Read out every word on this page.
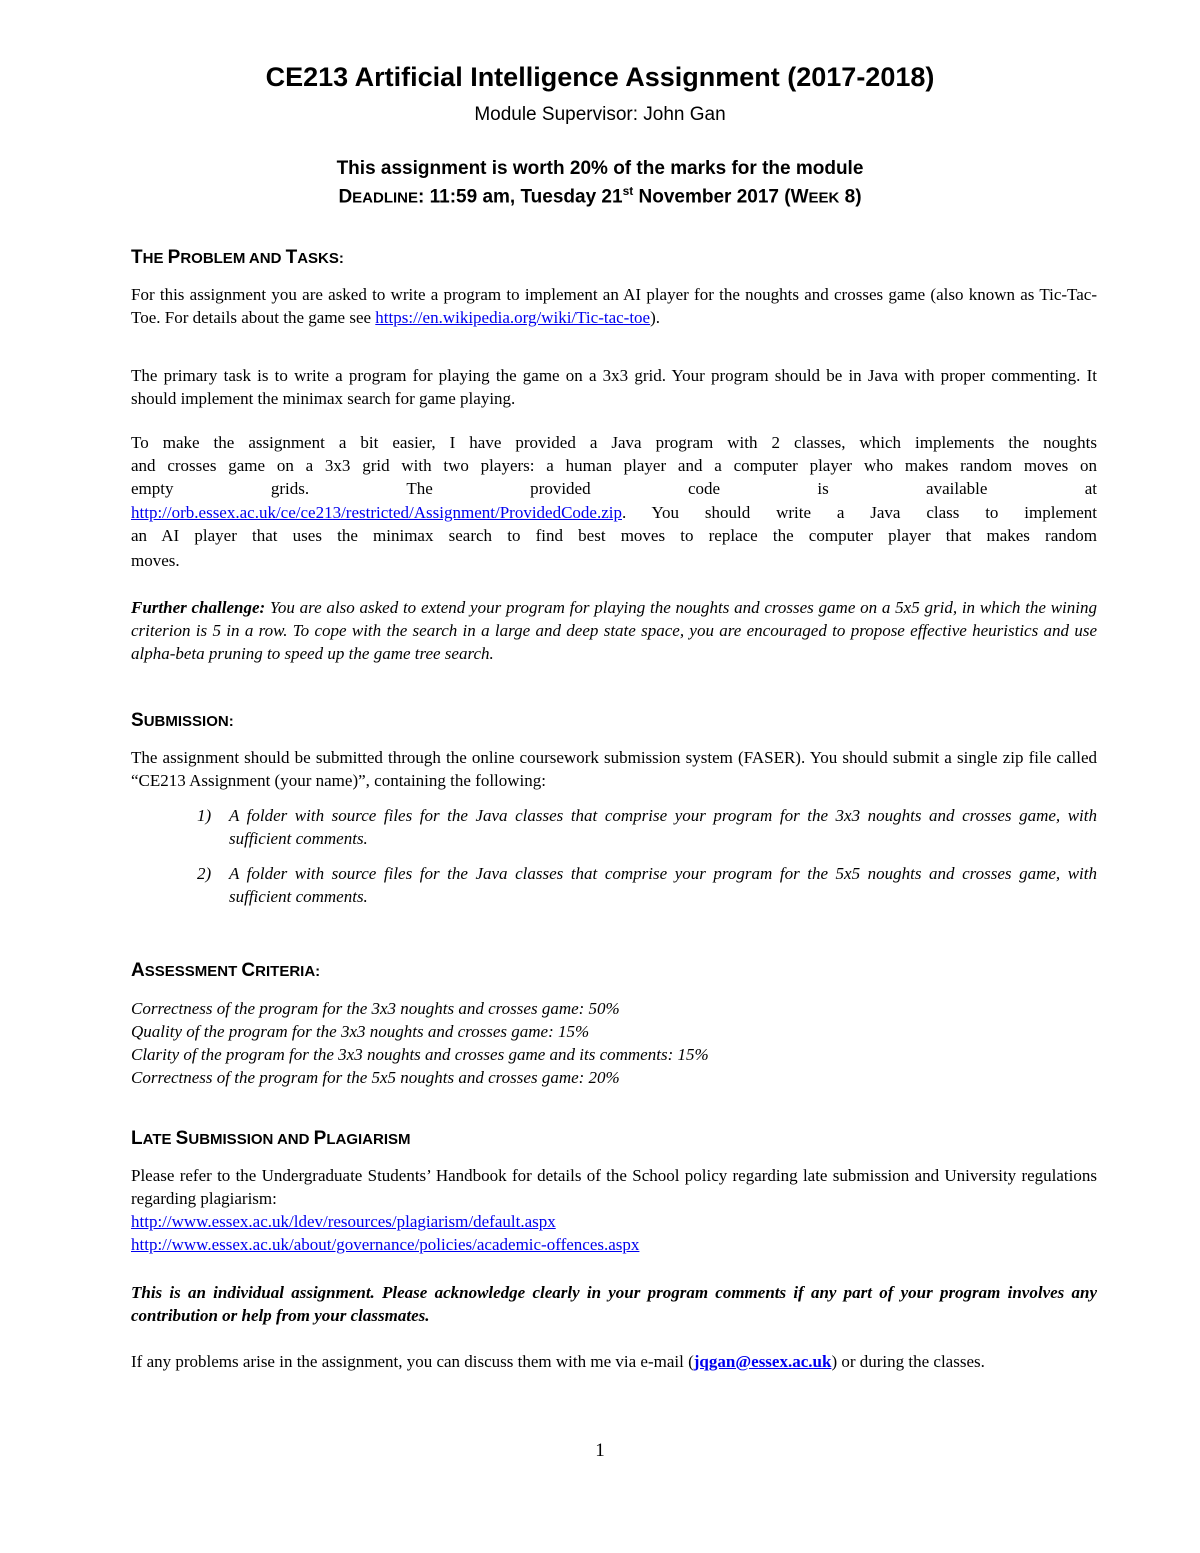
CE213 Artificial Intelligence Assignment (2017-2018)
Module Supervisor: John Gan
This assignment is worth 20% of the marks for the module
DEADLINE: 11:59 am, Tuesday 21st November 2017 (WEEK 8)
THE PROBLEM AND TASKS:
For this assignment you are asked to write a program to implement an AI player for the noughts and crosses game (also known as Tic-Tac-Toe. For details about the game see https://en.wikipedia.org/wiki/Tic-tac-toe).
The primary task is to write a program for playing the game on a 3x3 grid. Your program should be in Java with proper commenting. It should implement the minimax search for game playing.
To make the assignment a bit easier, I have provided a Java program with 2 classes, which implements the noughts
and crosses game on a 3x3 grid with two players: a human player and a computer player who makes random moves on
empty	grids.	The	provided	code	is	available	at
http://orb.essex.ac.uk/ce/ce213/restricted/Assignment/ProvidedCode.zip. You should write a Java class to implement
an AI player that uses the minimax search to find best moves to replace the computer player that makes random
moves.
Further challenge: You are also asked to extend your program for playing the noughts and crosses game on a 5x5 grid, in which the wining criterion is 5 in a row. To cope with the search in a large and deep state space, you are encouraged to propose effective heuristics and use alpha-beta pruning to speed up the game tree search.
SUBMISSION:
The assignment should be submitted through the online coursework submission system (FASER). You should submit a single zip file called “CE213 Assignment (your name)”, containing the following:
1) A folder with source files for the Java classes that comprise your program for the 3x3 noughts and crosses game, with sufficient comments.
2) A folder with source files for the Java classes that comprise your program for the 5x5 noughts and crosses game, with sufficient comments.
ASSESSMENT CRITERIA:
Correctness of the program for the 3x3 noughts and crosses game: 50%
Quality of the program for the 3x3 noughts and crosses game: 15%
Clarity of the program for the 3x3 noughts and crosses game and its comments: 15%
Correctness of the program for the 5x5 noughts and crosses game: 20%
LATE SUBMISSION AND PLAGIARISM
Please refer to the Undergraduate Students’ Handbook for details of the School policy regarding late submission and University regulations regarding plagiarism:
http://www.essex.ac.uk/ldev/resources/plagiarism/default.aspx
http://www.essex.ac.uk/about/governance/policies/academic-offences.aspx
This is an individual assignment. Please acknowledge clearly in your program comments if any part of your program involves any contribution or help from your classmates.
If any problems arise in the assignment, you can discuss them with me via e-mail (jqgan@essex.ac.uk) or during the classes.
1
